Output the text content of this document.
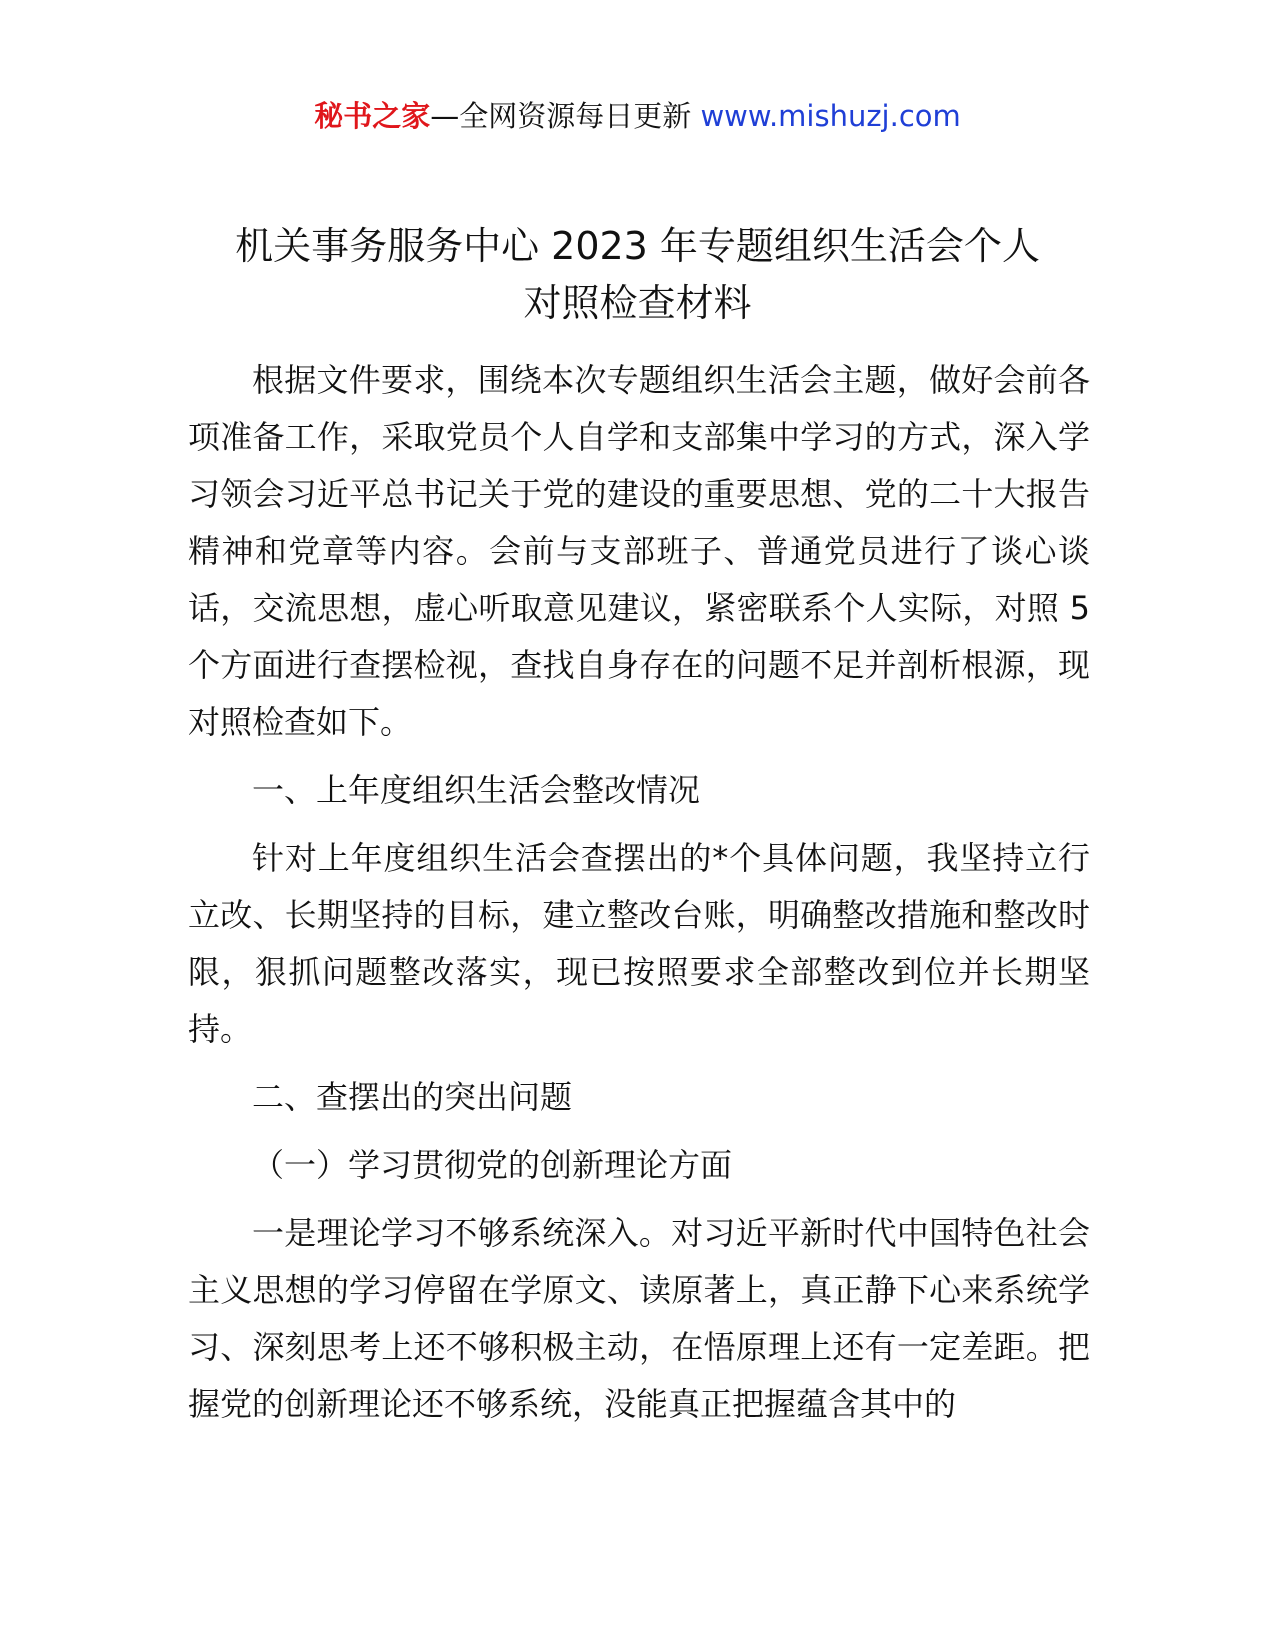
秘书之家—全网资源每日更新 www.mishuzj.com
机关事务服务中心 2023 年专题组织生活会个人
对照检查材料

根据文件要求，围绕本次专题组织生活会主题，做好会前各项准备工作，采取党员个人自学和支部集中学习的方式，深入学习领会习近平总书记关于党的建设的重要思想、党的二十大报告精神和党章等内容。会前与支部班子、普通党员进行了谈心谈话，交流思想，虚心听取意见建议，紧密联系个人实际，对照 5 个方面进行查摆检视，查找自身存在的问题不足并剖析根源，现对照检查如下。

一、上年度组织生活会整改情况

针对上年度组织生活会查摆出的*个具体问题，我坚持立行立改、长期坚持的目标，建立整改台账，明确整改措施和整改时限，狠抓问题整改落实，现已按照要求全部整改到位并长期坚持。

二、查摆出的突出问题

（一）学习贯彻党的创新理论方面

一是理论学习不够系统深入。对习近平新时代中国特色社会主义思想的学习停留在学原文、读原著上，真正静下心来系统学习、深刻思考上还不够积极主动，在悟原理上还有一定差距。把握党的创新理论还不够系统，没能真正把握蕴含其中的
